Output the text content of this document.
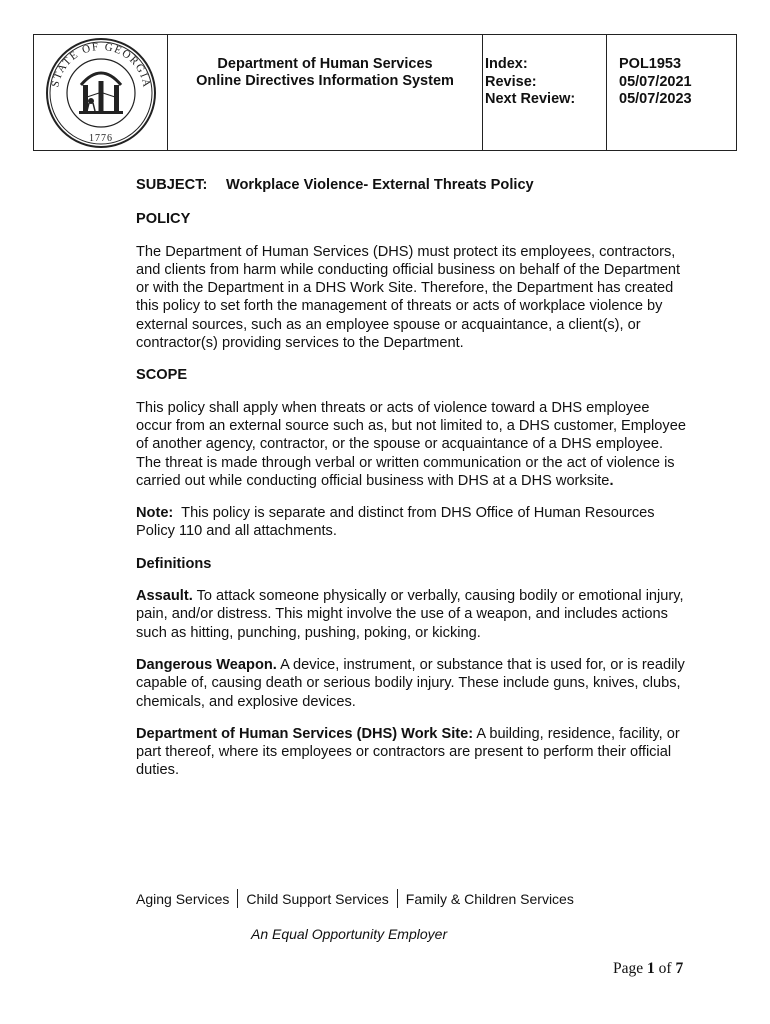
STATE OF GEORGIA
1776
Department of Human Services
Online Directives Information System
Index:
Revise:
Next Review:
POL1953
05/07/2021
05/07/2023
SUBJECT: Workplace Violence- External Threats Policy
POLICY

The Department of Human Services (DHS) must protect its employees, contractors, and clients from harm while conducting official business on behalf of the Department or with the Department in a DHS Work Site. Therefore, the Department has created this policy to set forth the management of threats or acts of workplace violence by external sources, such as an employee spouse or acquaintance, a client(s), or contractor(s) providing services to the Department.

SCOPE

This policy shall apply when threats or acts of violence toward a DHS employee occur from an external source such as, but not limited to, a DHS customer, Employee of another agency, contractor, or the spouse or acquaintance of a DHS employee. The threat is made through verbal or written communication or the act of violence is carried out while conducting official business with DHS at a DHS worksite.

Note: This policy is separate and distinct from DHS Office of Human Resources Policy 110 and all attachments.

Definitions

Assault. To attack someone physically or verbally, causing bodily or emotional injury, pain, and/or distress. This might involve the use of a weapon, and includes actions such as hitting, punching, pushing, poking, or kicking.

Dangerous Weapon. A device, instrument, or substance that is used for, or is readily capable of, causing death or serious bodily injury. These include guns, knives, clubs, chemicals, and explosive devices.

Department of Human Services (DHS) Work Site: A building, residence, facility, or part thereof, where its employees or contractors are present to perform their official duties.

Aging Services Child Support Services Family & Children Services
An Equal Opportunity Employer
Page 1 of 7
